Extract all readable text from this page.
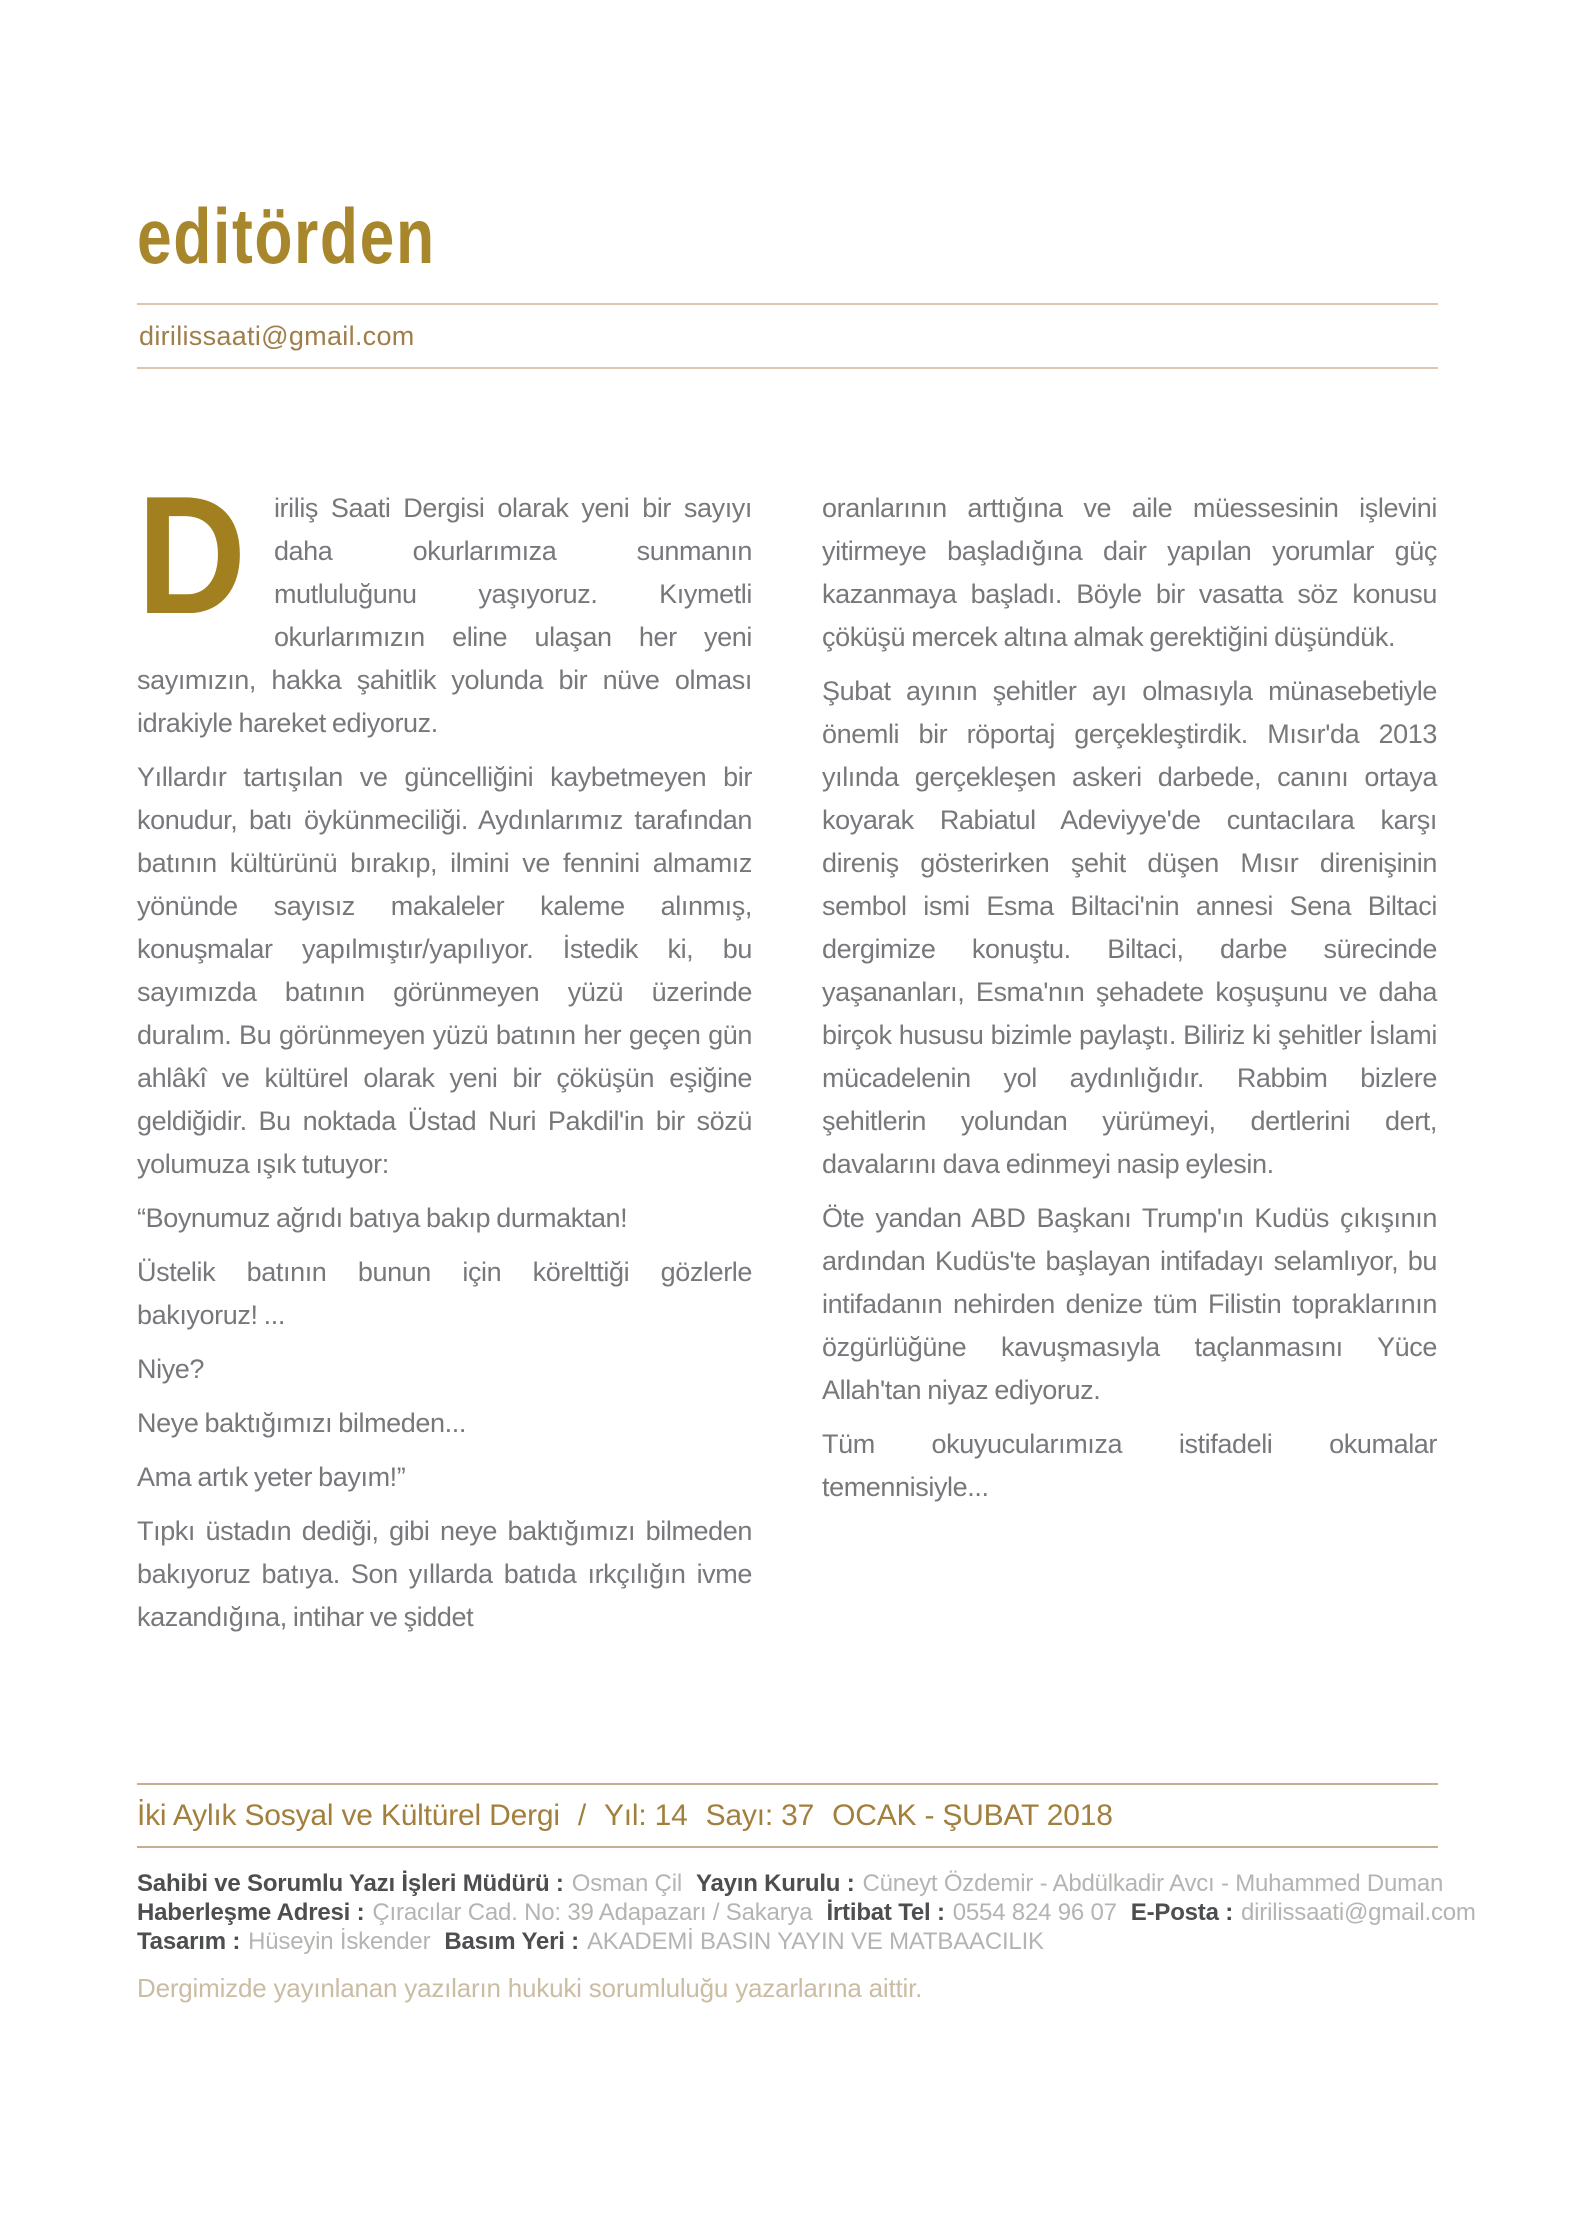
editörden
dirilissaati@gmail.com

D iriliş Saati Dergisi olarak yeni bir sayıyı daha okurlarımıza sunmanın mutluluğunu yaşıyoruz. Kıymetli okurlarımızın eline ulaşan her yeni sayımızın, hakka şahitlik yolunda bir nüve olması idrakiyle hareket ediyoruz.

Yıllardır tartışılan ve güncelliğini kaybetmeyen bir konudur, batı öykünmeciliği. Aydınlarımız tarafından batının kültürünü bırakıp, ilmini ve fennini almamız yönünde sayısız makaleler kaleme alınmış, konuşmalar yapılmıştır/yapılıyor. İstedik ki, bu sayımızda batının görünmeyen yüzü üzerinde duralım. Bu görünmeyen yüzü batının her geçen gün ahlâkî ve kültürel olarak yeni bir çöküşün eşiğine geldiğidir. Bu noktada Üstad Nuri Pakdil'in bir sözü yolumuza ışık tutuyor:

“Boynumuz ağrıdı batıya bakıp durmaktan!

Üstelik batının bunun için körelttiği gözlerle bakıyoruz! ...

Niye?

Neye baktığımızı bilmeden...

Ama artık yeter bayım!”

Tıpkı üstadın dediği, gibi neye baktığımızı bilmeden bakıyoruz batıya. Son yıllarda batıda ırkçılığın ivme kazandığına, intihar ve şiddet

oranlarının arttığına ve aile müessesinin işlevini yitirmeye başladığına dair yapılan yorumlar güç kazanmaya başladı. Böyle bir vasatta söz konusu çöküşü mercek altına almak gerektiğini düşündük.

Şubat ayının şehitler ayı olmasıyla münasebetiyle önemli bir röportaj gerçekleştirdik. Mısır'da 2013 yılında gerçekleşen askeri darbede, canını ortaya koyarak Rabiatul Adeviyye'de cuntacılara karşı direniş gösterirken şehit düşen Mısır direnişinin sembol ismi Esma Biltaci'nin annesi Sena Biltaci dergimize konuştu. Biltaci, darbe sürecinde yaşananları, Esma'nın şehadete koşuşunu ve daha birçok hususu bizimle paylaştı. Biliriz ki şehitler İslami mücadelenin yol aydınlığıdır. Rabbim bizlere şehitlerin yolundan yürümeyi, dertlerini dert, davalarını dava edinmeyi nasip eylesin.

Öte yandan ABD Başkanı Trump'ın Kudüs çıkışının ardından Kudüs'te başlayan intifadayı selamlıyor, bu intifadanın nehirden denize tüm Filistin topraklarının özgürlüğüne kavuşmasıyla taçlanmasını Yüce Allah'tan niyaz ediyoruz.

Tüm okuyucularımıza istifadeli okumalar temennisiyle...

İki Aylık Sosyal ve Kültürel Dergi / Yıl: 14 Sayı: 37 OCAK - ŞUBAT 2018

Sahibi ve Sorumlu Yazı İşleri Müdürü : Osman Çil Yayın Kurulu : Cüneyt Özdemir - Abdülkadir Avcı - Muhammed Duman

Haberleşme Adresi : Çıracılar Cad. No: 39 Adapazarı / Sakarya İrtibat Tel : 0554 824 96 07 E-Posta : dirilissaati@gmail.com

Tasarım : Hüseyin İskender Basım Yeri : AKADEMİ BASIN YAYIN VE MATBAACILIK

Dergimizde yayınlanan yazıların hukuki sorumluluğu yazarlarına aittir.
